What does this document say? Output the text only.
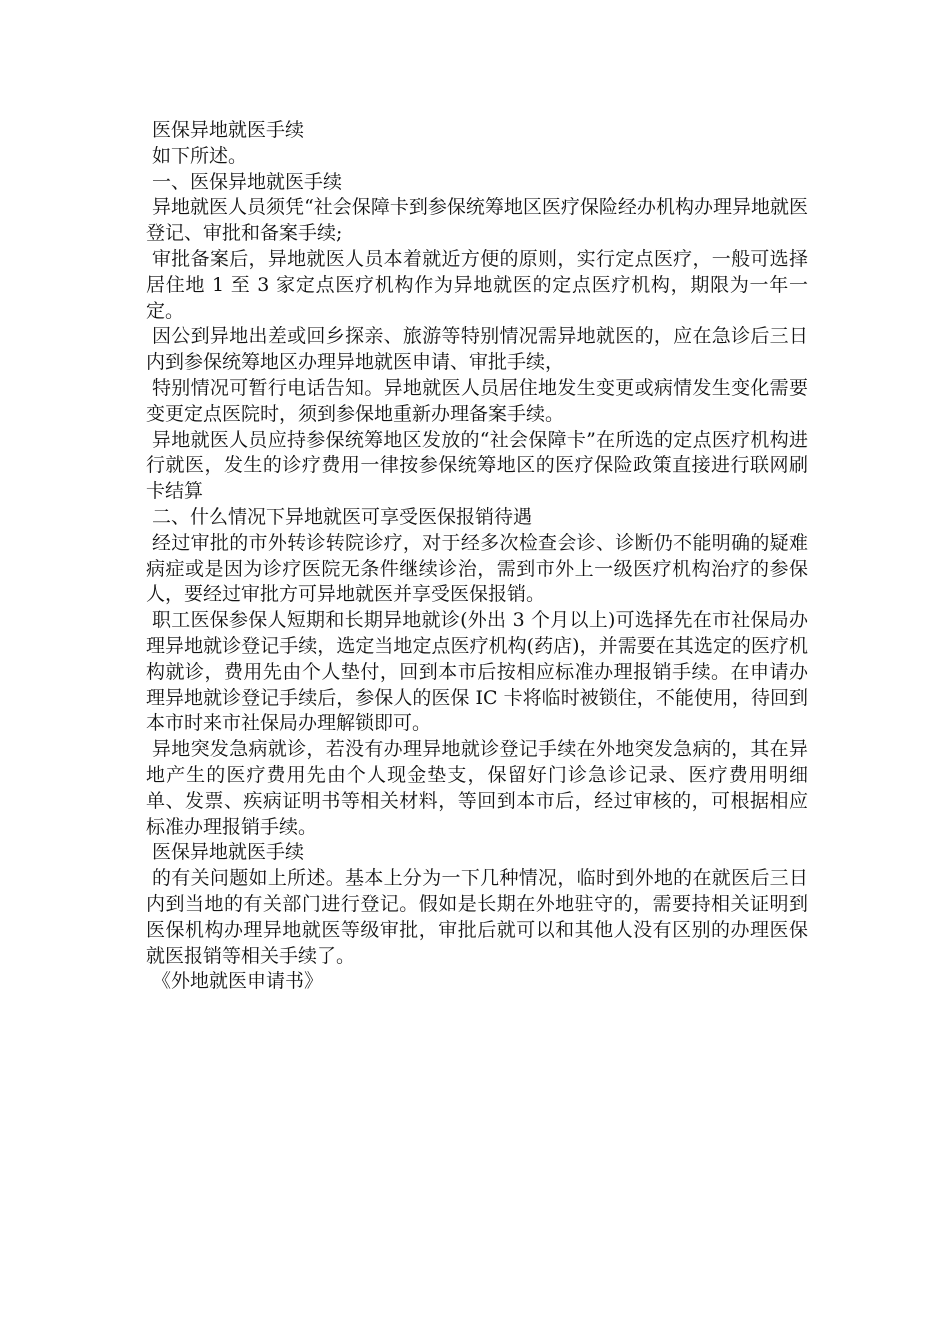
医保异地就医手续

如下所述。

一、医保异地就医手续

异地就医人员须凭“社会保障卡到参保统筹地区医疗保险经办机构办理异地就医登记、审批和备案手续;

审批备案后，异地就医人员本着就近方便的原则，实行定点医疗，一般可选择居住地 1 至 3 家定点医疗机构作为异地就医的定点医疗机构，期限为一年一定。

因公到异地出差或回乡探亲、旅游等特别情况需异地就医的，应在急诊后三日内到参保统筹地区办理异地就医申请、审批手续，

特别情况可暂行电话告知。异地就医人员居住地发生变更或病情发生变化需要变更定点医院时，须到参保地重新办理备案手续。

异地就医人员应持参保统筹地区发放的“社会保障卡”在所选的定点医疗机构进行就医，发生的诊疗费用一律按参保统筹地区的医疗保险政策直接进行联网刷卡结算

二、什么情况下异地就医可享受医保报销待遇

经过审批的市外转诊转院诊疗，对于经多次检查会诊、诊断仍不能明确的疑难病症或是因为诊疗医院无条件继续诊治，需到市外上一级医疗机构治疗的参保人，要经过审批方可异地就医并享受医保报销。

职工医保参保人短期和长期异地就诊(外出 3 个月以上)可选择先在市社保局办理异地就诊登记手续，选定当地定点医疗机构(药店)，并需要在其选定的医疗机构就诊，费用先由个人垫付，回到本市后按相应标准办理报销手续。在申请办理异地就诊登记手续后，参保人的医保 IC 卡将临时被锁住，不能使用，待回到本市时来市社保局办理解锁即可。

异地突发急病就诊，若没有办理异地就诊登记手续在外地突发急病的，其在异地产生的医疗费用先由个人现金垫支，保留好门诊急诊记录、医疗费用明细单、发票、疾病证明书等相关材料，等回到本市后，经过审核的，可根据相应标准办理报销手续。

医保异地就医手续

的有关问题如上所述。基本上分为一下几种情况，临时到外地的在就医后三日内到当地的有关部门进行登记。假如是长期在外地驻守的，需要持相关证明到医保机构办理异地就医等级审批，审批后就可以和其他人没有区别的办理医保就医报销等相关手续了。

《外地就医申请书》
